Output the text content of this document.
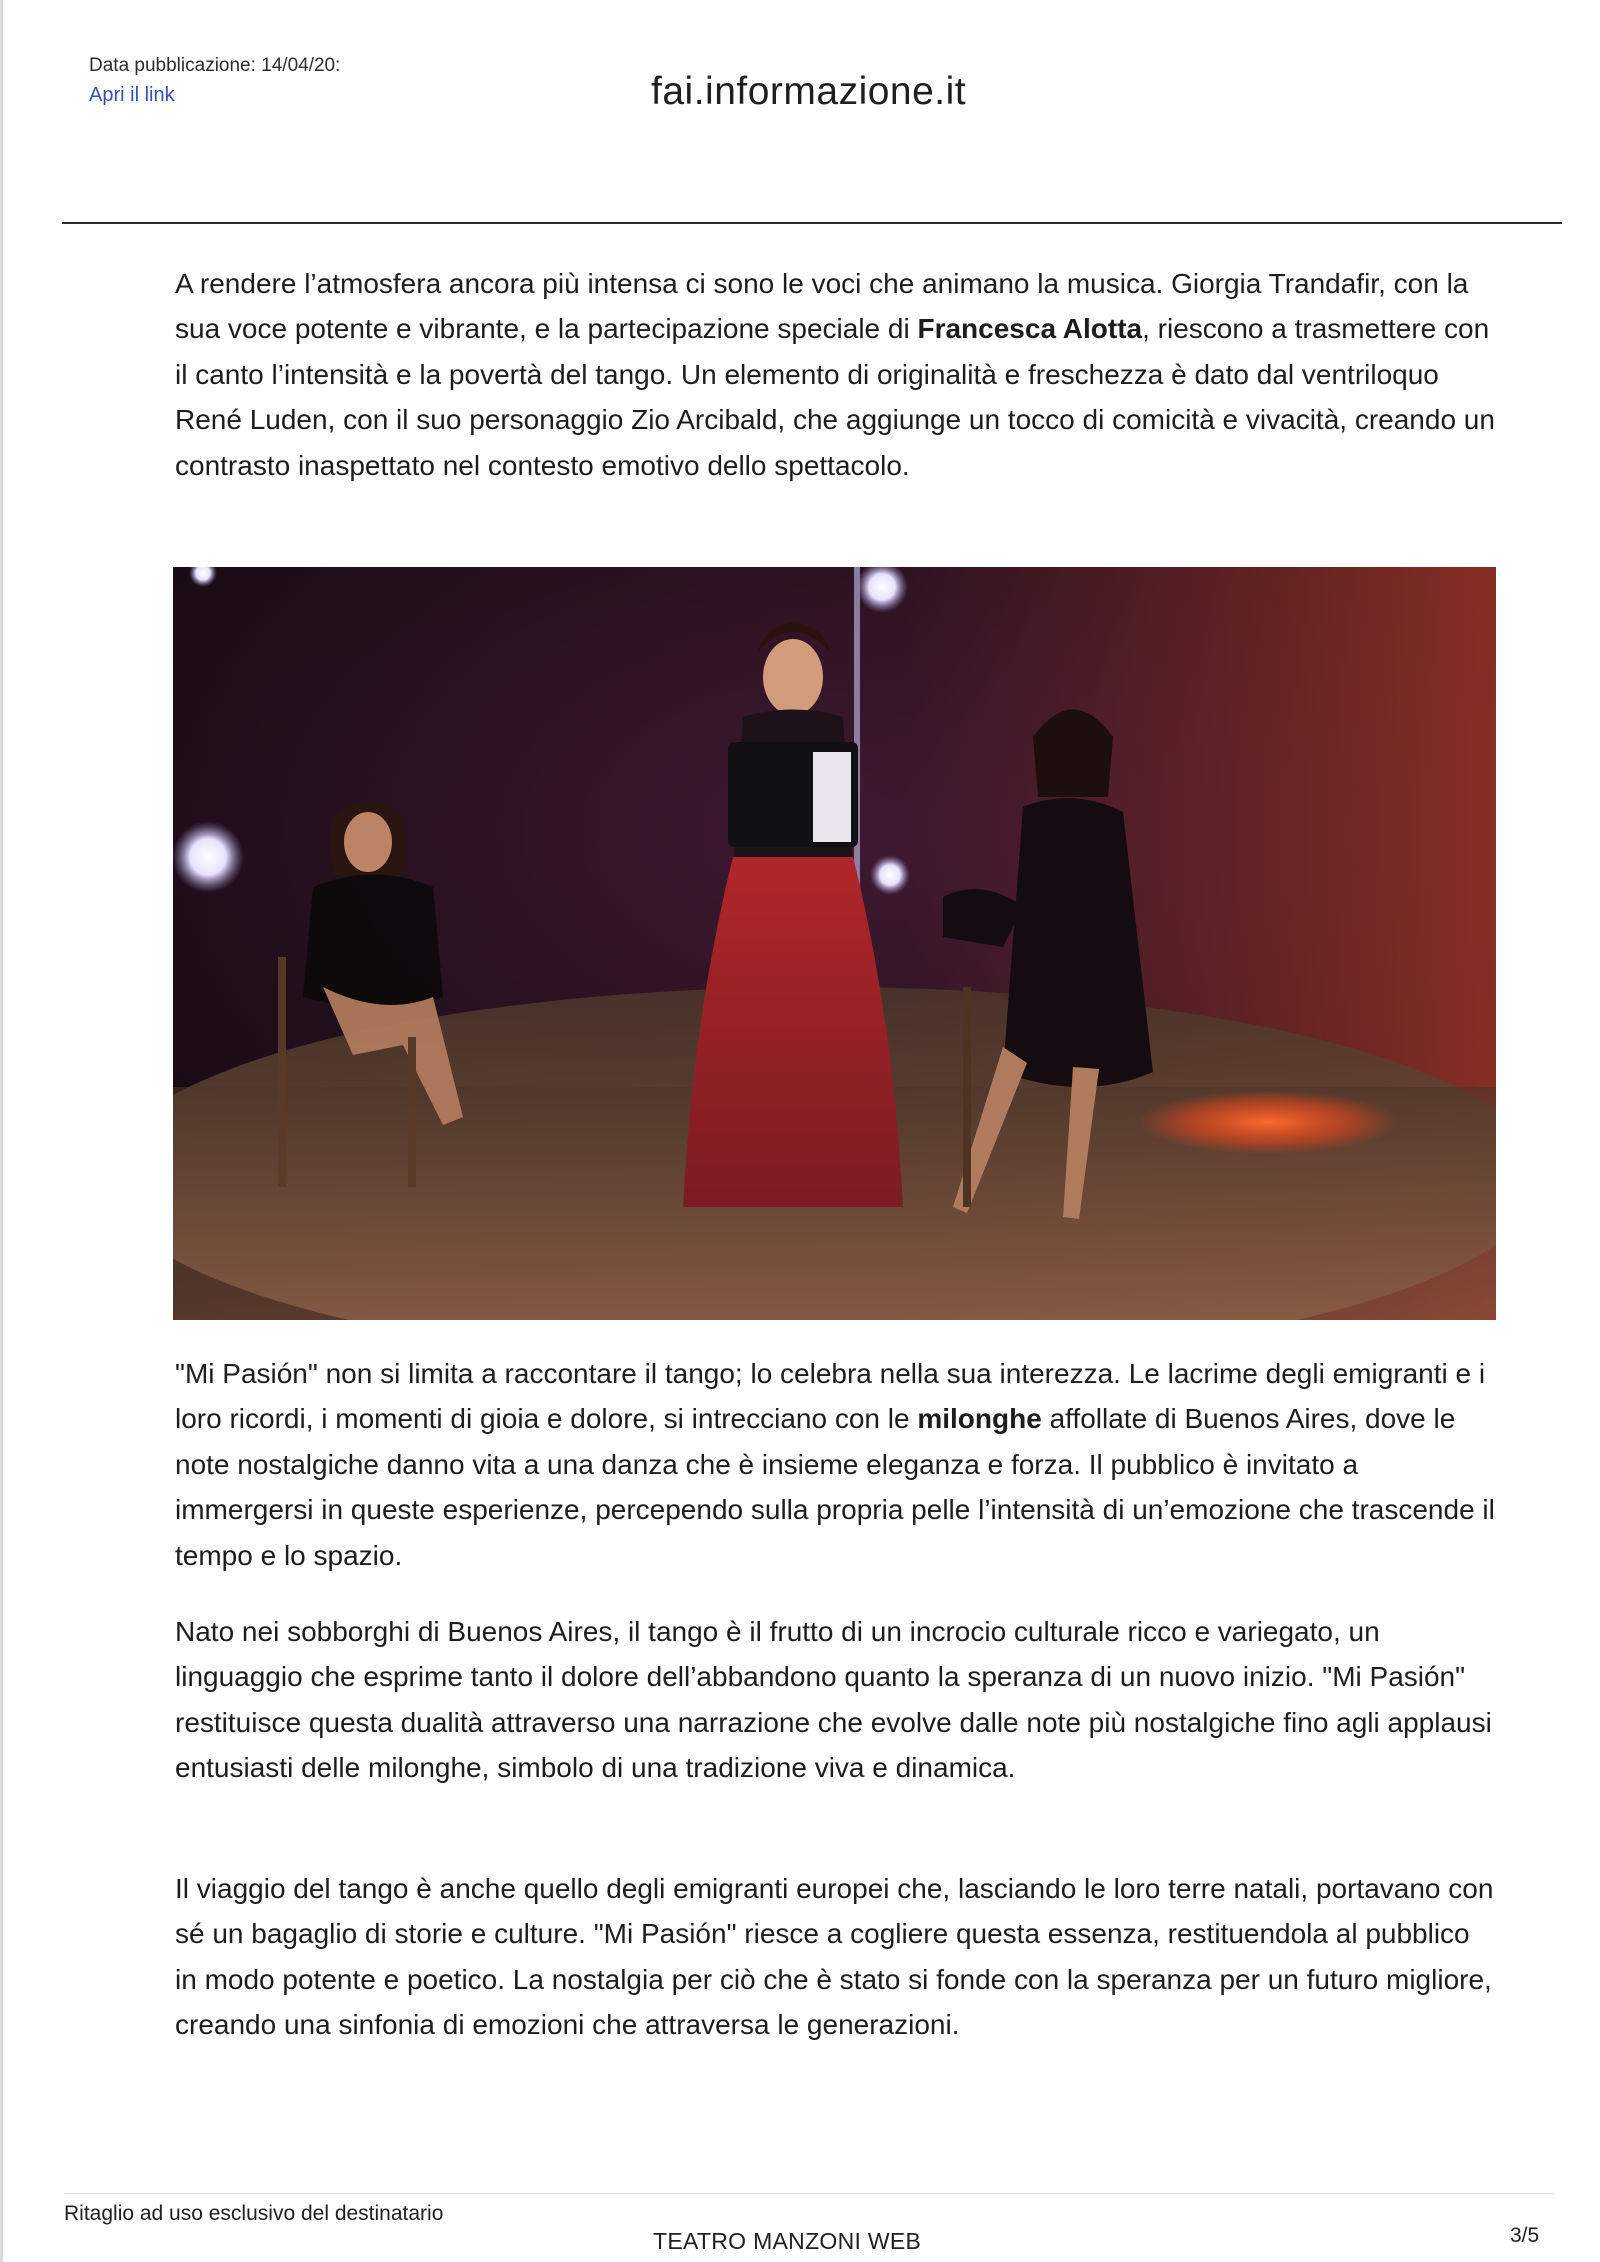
Data pubblicazione: 14/04/20:
Apri il link	fai.informazione.it

A rendere l’atmosfera ancora più intensa ci sono le voci che animano la musica. Giorgia Trandafir, con la sua voce potente e vibrante, e la partecipazione speciale di Francesca Alotta, riescono a trasmettere con il canto l’intensità e la povertà del tango. Un elemento di originalità e freschezza è dato dal ventriloquo René Luden, con il suo personaggio Zio Arcibald, che aggiunge un tocco di comicità e vivacità, creando un contrasto inaspettato nel contesto emotivo dello spettacolo.

"Mi Pasión" non si limita a raccontare il tango; lo celebra nella sua interezza. Le lacrime degli emigranti e i loro ricordi, i momenti di gioia e dolore, si intrecciano con le milonghe affollate di Buenos Aires, dove le note nostalgiche danno vita a una danza che è insieme eleganza e forza. Il pubblico è invitato a immergersi in queste esperienze, percependo sulla propria pelle l’intensità di un’emozione che trascende il tempo e lo spazio.

Nato nei sobborghi di Buenos Aires, il tango è il frutto di un incrocio culturale ricco e variegato, un linguaggio che esprime tanto il dolore dell’abbandono quanto la speranza di un nuovo inizio. "Mi Pasión" restituisce questa dualità attraverso una narrazione che evolve dalle note più nostalgiche fino agli applausi entusiasti delle milonghe, simbolo di una tradizione viva e dinamica.

Il viaggio del tango è anche quello degli emigranti europei che, lasciando le loro terre natali, portavano con sé un bagaglio di storie e culture. "Mi Pasión" riesce a cogliere questa essenza, restituendola al pubblico in modo potente e poetico. La nostalgia per ciò che è stato si fonde con la speranza per un futuro migliore, creando una sinfonia di emozioni che attraversa le generazioni.

Ritaglio ad uso esclusivo del destinatario
TEATRO MANZONI WEB	3/5
